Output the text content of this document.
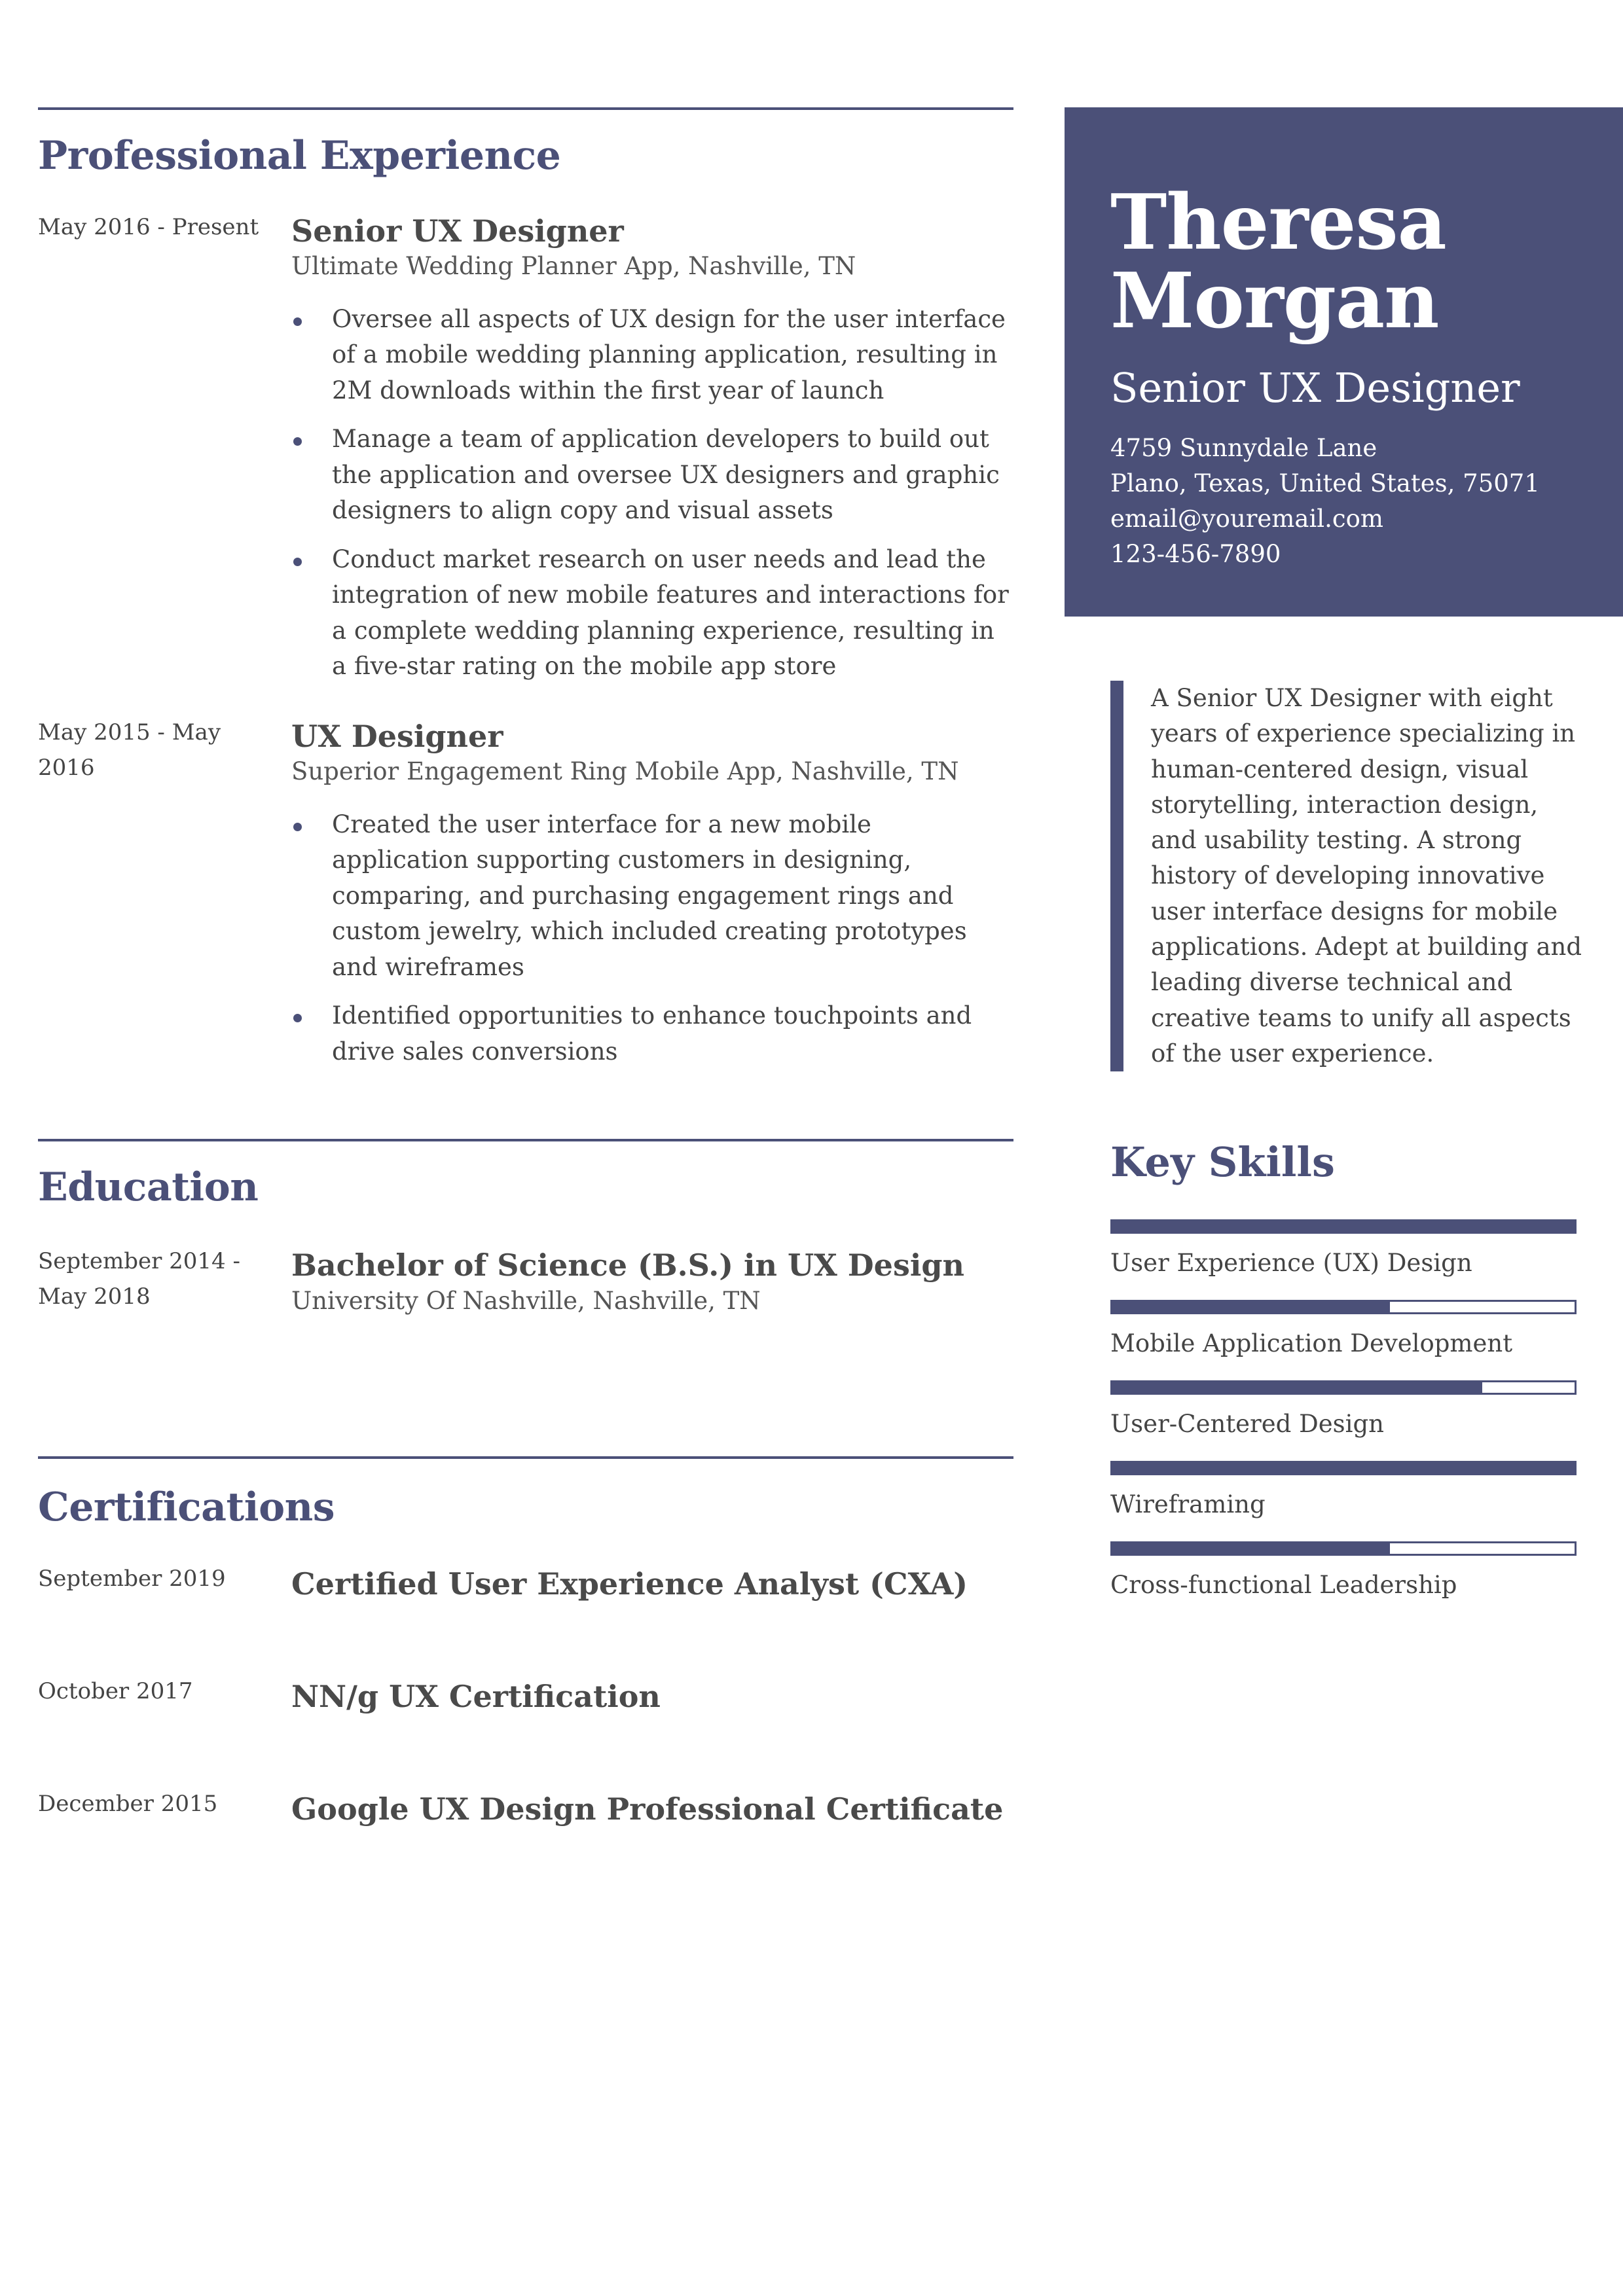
Professional Experience
May 2016 - Present Senior UX Designer
Ultimate Wedding Planner App, Nashville, TN
Oversee all aspects of UX design for the user interface of a mobile wedding planning application, resulting in 2M downloads within the first year of launch
Manage a team of application developers to build out the application and oversee UX designers and graphic designers to align copy and visual assets
Conduct market research on user needs and lead the integration of new mobile features and interactions for a complete wedding planning experience, resulting in a five-star rating on the mobile app store
May 2015 - May 2016
UX Designer
Superior Engagement Ring Mobile App, Nashville, TN
Created the user interface for a new mobile application supporting customers in designing, comparing, and purchasing engagement rings and custom jewelry, which included creating prototypes and wireframes
Identified opportunities to enhance touchpoints and drive sales conversions
Education
September 2014 - May 2018
Bachelor of Science (B.S.) in UX Design
University Of Nashville, Nashville, TN
Certifications
September 2019	Certified User Experience Analyst (CXA)
October 2017	NN/g UX Certification
December 2015	Google UX Design Professional Certificate
Theresa
Morgan
Senior UX Designer
4759 Sunnydale Lane
Plano, Texas, United States, 75071
email@youremail.com
123-456-7890
A Senior UX Designer with eight years of experience specializing in human-centered design, visual storytelling, interaction design, and usability testing. A strong history of developing innovative user interface designs for mobile applications. Adept at building and leading diverse technical and creative teams to unify all aspects of the user experience.
Key Skills
User Experience (UX) Design
Mobile Application Development
User-Centered Design
Wireframing
Cross-functional Leadership
